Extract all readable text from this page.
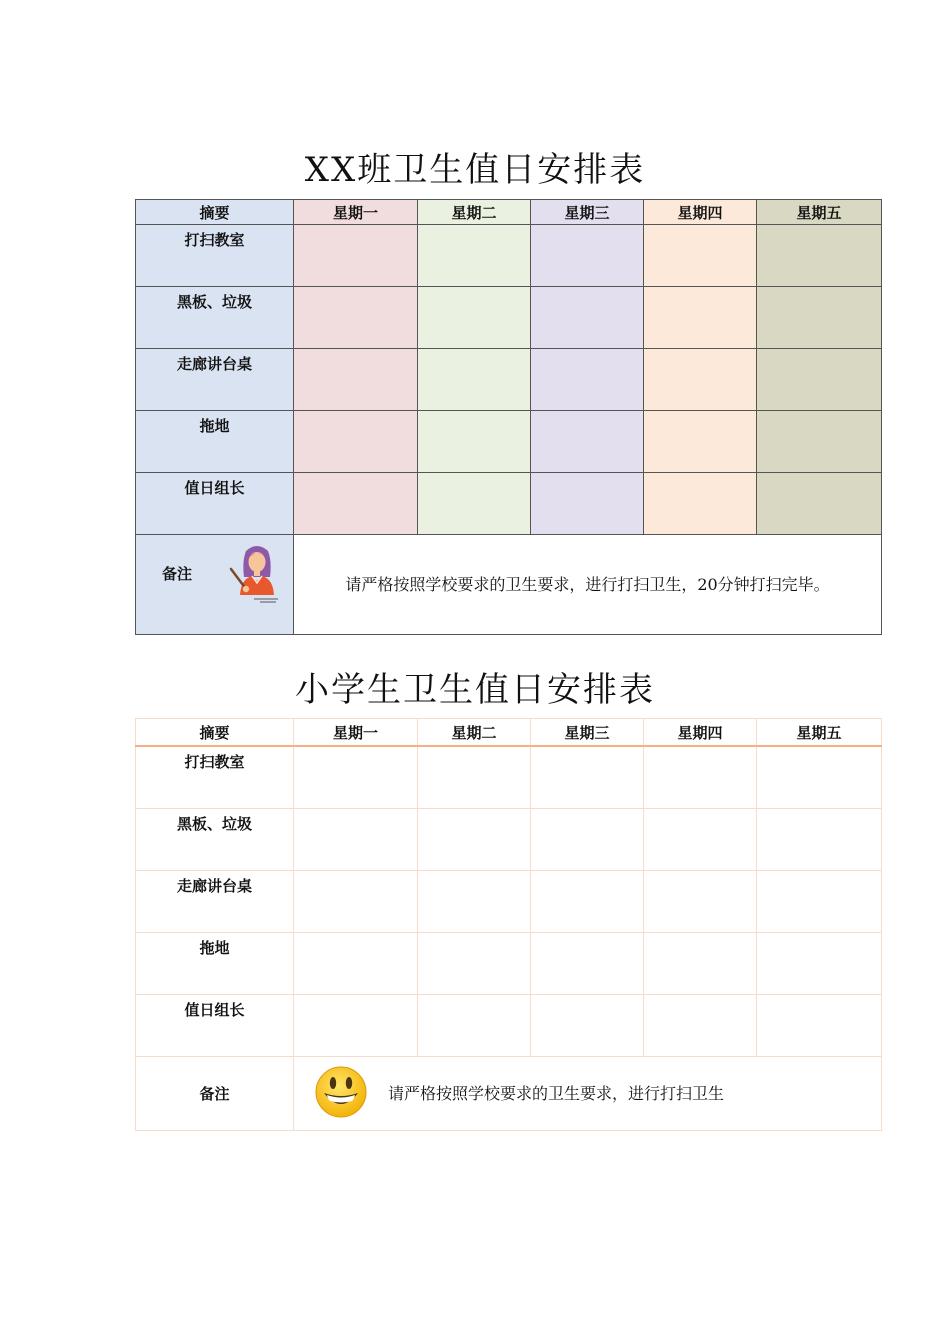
XX班卫生值日安排表
摘要	星期一	星期二	星期三	星期四	星期五
打扫教室					
黑板、垃圾					
走廊讲台桌					
拖地					
值日组长					

备注	请严格按照学校要求的卫生要求，进行打扫卫生，20分钟打扫完毕。				
小学生卫生值日安排表
摘要	星期一	星期二	星期三	星期四	星期五
打扫教室					
黑板、垃圾					
走廊讲台桌					
拖地					
值日组长					
备注	请严格按照学校要求的卫生要求，进行打扫卫生				
